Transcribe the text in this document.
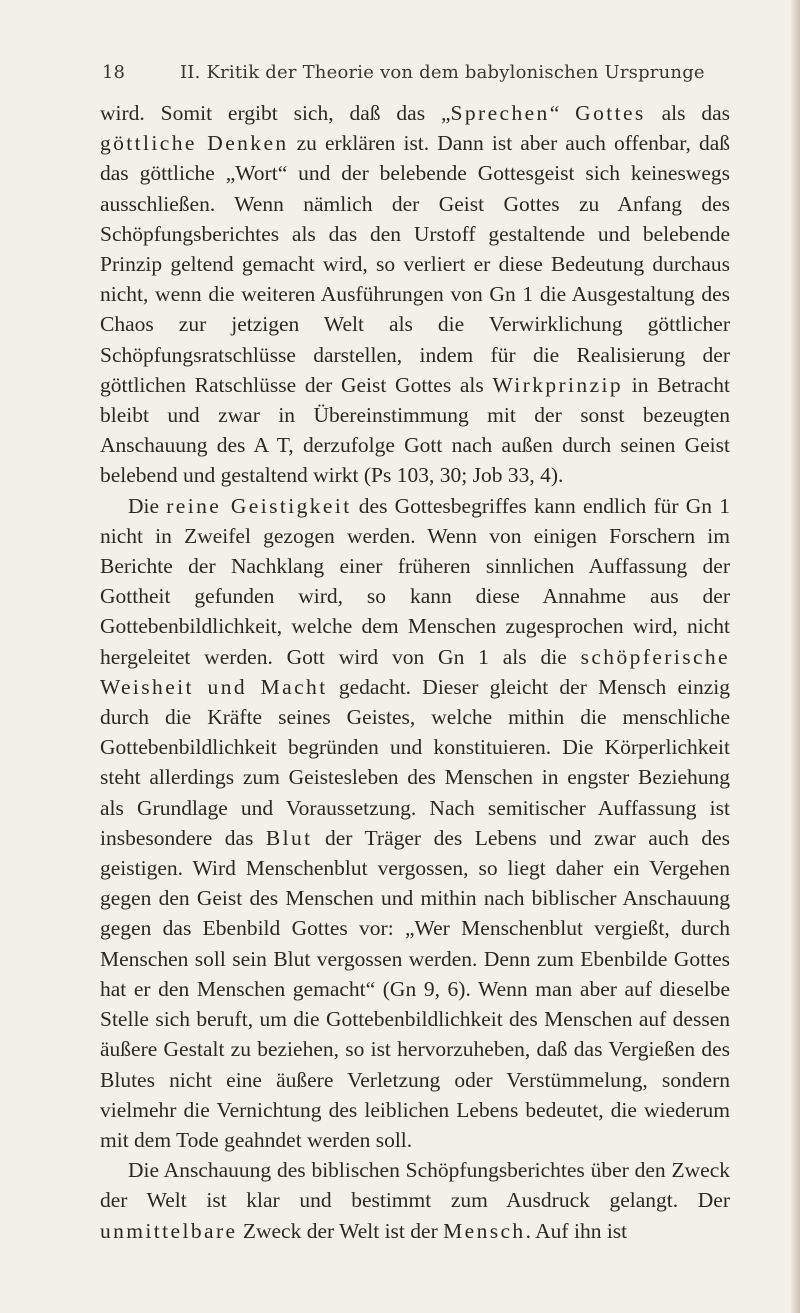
18	II. Kritik der Theorie von dem babylonischen Ursprunge

wird. Somit ergibt sich, daß das „Sprechen“ Gottes als das göttliche Denken zu erklären ist. Dann ist aber auch offenbar, daß das göttliche „Wort“ und der belebende Gottesgeist sich keineswegs ausschließen. Wenn nämlich der Geist Gottes zu Anfang des Schöpfungsberichtes als das den Urstoff gestaltende und belebende Prinzip geltend gemacht wird, so verliert er diese Bedeutung durchaus nicht, wenn die weiteren Ausführungen von Gn 1 die Ausgestaltung des Chaos zur jetzigen Welt als die Verwirklichung göttlicher Schöpfungsratschlüsse darstellen, indem für die Realisierung der göttlichen Ratschlüsse der Geist Gottes als Wirkprinzip in Betracht bleibt und zwar in Übereinstimmung mit der sonst bezeugten Anschauung des A T, derzufolge Gott nach außen durch seinen Geist belebend und gestaltend wirkt (Ps 103, 30; Job 33, 4).

Die reine Geistigkeit des Gottesbegriffes kann endlich für Gn 1 nicht in Zweifel gezogen werden. Wenn von einigen Forschern im Berichte der Nachklang einer früheren sinnlichen Auffassung der Gottheit gefunden wird, so kann diese Annahme aus der Gottebenbildlichkeit, welche dem Menschen zugesprochen wird, nicht hergeleitet werden. Gott wird von Gn 1 als die schöpferische Weisheit und Macht gedacht. Dieser gleicht der Mensch einzig durch die Kräfte seines Geistes, welche mithin die menschliche Gottebenbildlichkeit begründen und konstituieren. Die Körperlichkeit steht allerdings zum Geistesleben des Menschen in engster Beziehung als Grundlage und Voraussetzung. Nach semitischer Auffassung ist insbesondere das Blut der Träger des Lebens und zwar auch des geistigen. Wird Menschenblut vergossen, so liegt daher ein Vergehen gegen den Geist des Menschen und mithin nach biblischer Anschauung gegen das Ebenbild Gottes vor: „Wer Menschenblut vergießt, durch Menschen soll sein Blut vergossen werden. Denn zum Ebenbilde Gottes hat er den Menschen gemacht“ (Gn 9, 6). Wenn man aber auf dieselbe Stelle sich beruft, um die Gottebenbildlichkeit des Menschen auf dessen äußere Gestalt zu beziehen, so ist hervorzuheben, daß das Vergießen des Blutes nicht eine äußere Verletzung oder Verstümmelung, sondern vielmehr die Vernichtung des leiblichen Lebens bedeutet, die wiederum mit dem Tode geahndet werden soll.

Die Anschauung des biblischen Schöpfungsberichtes über den Zweck der Welt ist klar und bestimmt zum Ausdruck gelangt. Der unmittelbare Zweck der Welt ist der Mensch. Auf ihn ist
